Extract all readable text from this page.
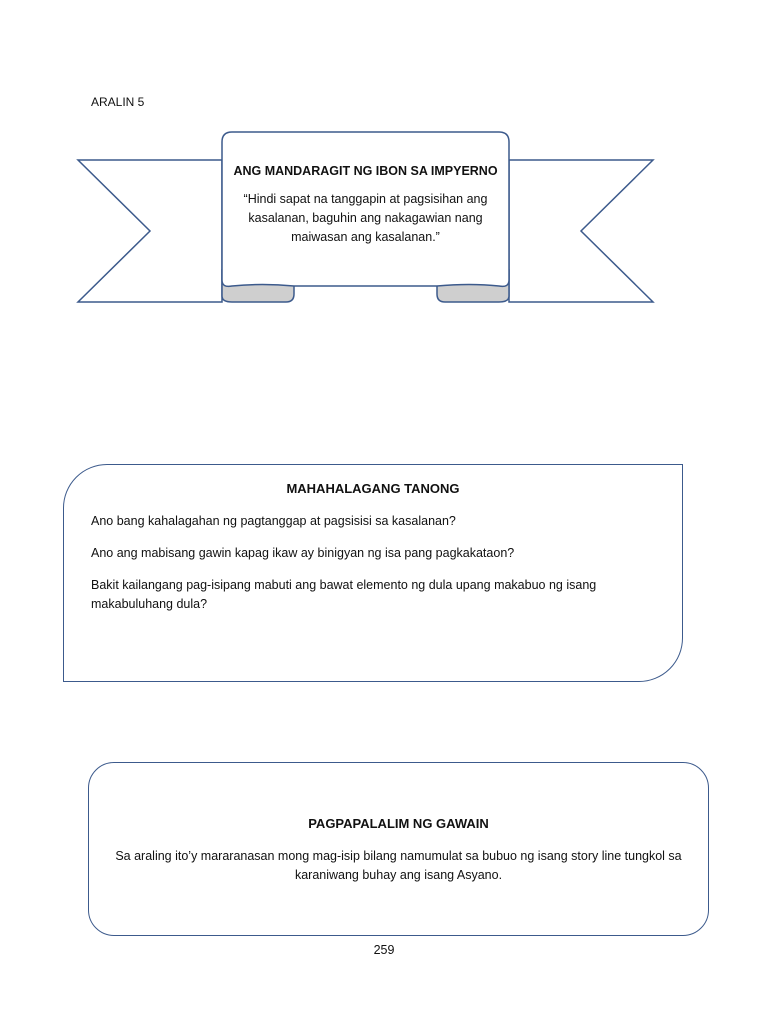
ARALIN 5
ANG MANDARAGIT NG IBON SA IMPYERNO
“Hindi sapat na tanggapin at pagsisihan ang kasalanan, baguhin ang nakagawian nang maiwasan ang kasalanan.”
MAHAHALAGANG TANONG

Ano bang kahalagahan ng pagtanggap at pagsisisi sa kasalanan?

Ano ang mabisang gawin kapag ikaw ay binigyan ng isa pang pagkakataon?

Bakit kailangang pag-isipang mabuti ang bawat elemento ng dula upang makabuo ng isang makabuluhang dula?

PAGPAPALALIM NG GAWAIN
Sa araling ito’y mararanasan mong mag-isip bilang namumulat sa bubuo ng isang story line tungkol sa karaniwang buhay ang isang Asyano.
259
